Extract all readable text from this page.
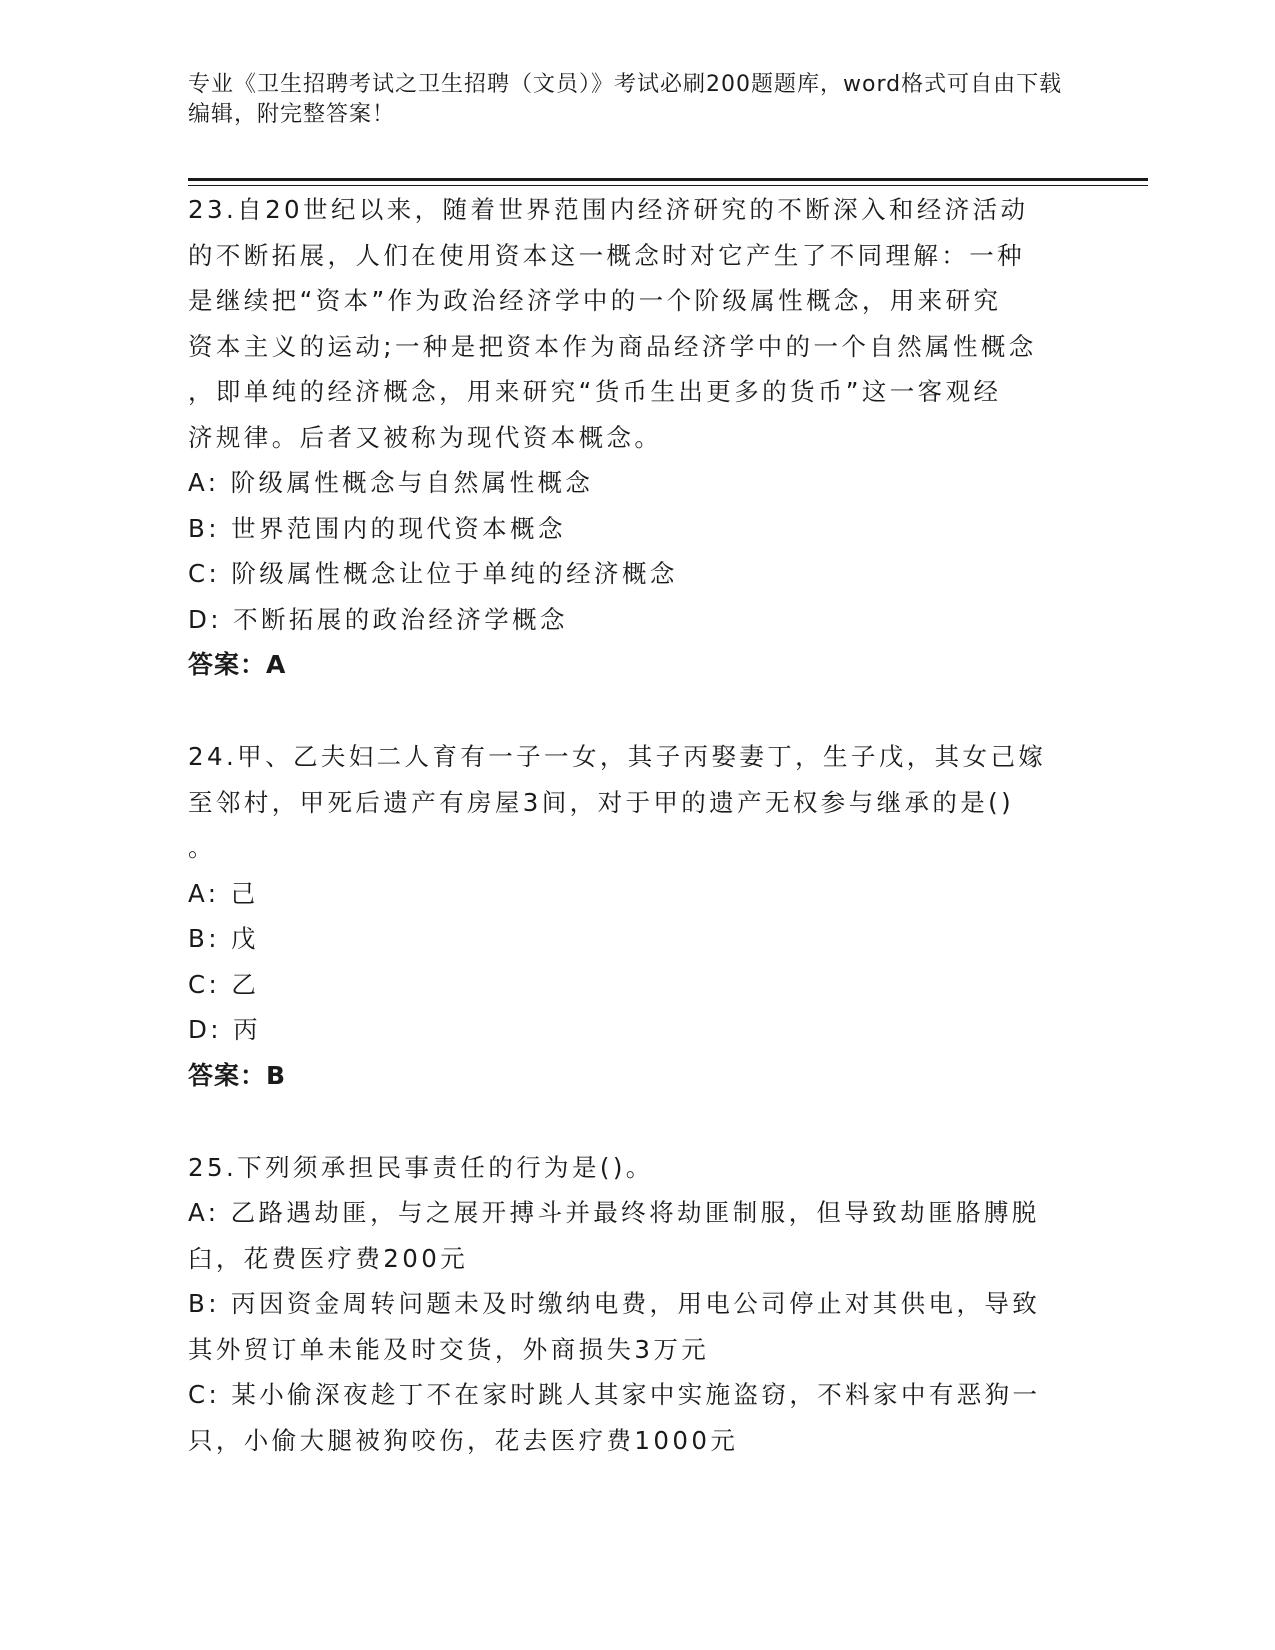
专业《卫生招聘考试之卫生招聘（文员）》考试必刷200题题库，word格式可自由下载编辑，附完整答案！

23.自20世纪以来，随着世界范围内经济研究的不断深入和经济活动

的不断拓展，人们在使用资本这一概念时对它产生了不同理解：一种

是继续把“资本”作为政治经济学中的一个阶级属性概念，用来研究

资本主义的运动;一种是把资本作为商品经济学中的一个自然属性概念

，即单纯的经济概念，用来研究“货币生出更多的货币”这一客观经

济规律。后者又被称为现代资本概念。

A: 阶级属性概念与自然属性概念

B: 世界范围内的现代资本概念

C: 阶级属性概念让位于单纯的经济概念

D: 不断拓展的政治经济学概念

答案：A

24.甲、乙夫妇二人育有一子一女，其子丙娶妻丁，生子戊，其女己嫁

至邻村，甲死后遗产有房屋3间，对于甲的遗产无权参与继承的是()

。

A: 己

B: 戊

C: 乙

D: 丙

答案：B

25.下列须承担民事责任的行为是()。

A: 乙路遇劫匪，与之展开搏斗并最终将劫匪制服，但导致劫匪胳膊脱

臼，花费医疗费200元

B: 丙因资金周转问题未及时缴纳电费，用电公司停止对其供电，导致

其外贸订单未能及时交货，外商损失3万元

C: 某小偷深夜趁丁不在家时跳人其家中实施盗窃，不料家中有恶狗一

只，小偷大腿被狗咬伤，花去医疗费1000元
